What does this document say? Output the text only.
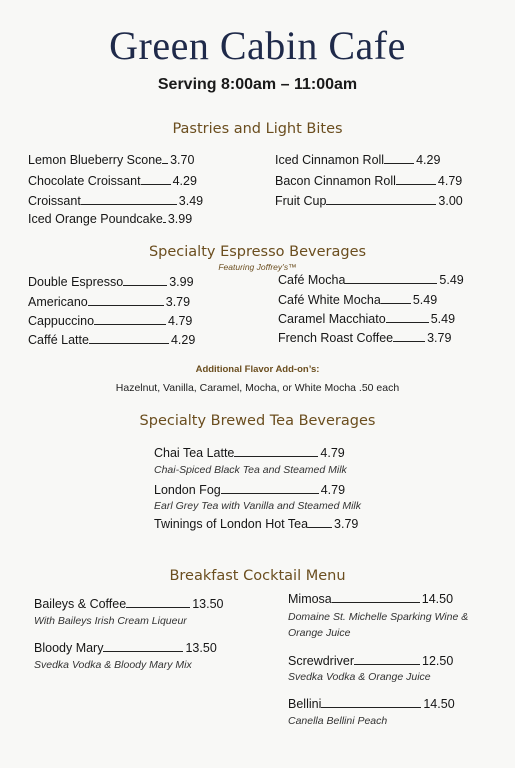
Green Cabin Cafe
Serving 8:00am – 11:00am
Pastries and Light Bites
Lemon Blueberry Scone 3.70
Chocolate Croissant	4.29
Croissant	3.49
Iced Orange Poundcake 3.99
Iced Cinnamon Roll	4.29
Bacon Cinnamon Roll	4.79
Fruit Cup	3.00
Specialty Espresso Beverages
Featuring Joffrey’s™
Double Espresso	3.99
Americano	3.79
Cappuccino	4.79
Caffé Latte	4.29
Café Mocha	5.49
Café White Mocha	5.49
Caramel Macchiato	5.49
French Roast Coffee	3.79
Additional Flavor Add-on’s:
Hazelnut, Vanilla, Caramel, Mocha, or White Mocha .50 each
Specialty Brewed Tea Beverages
Chai Tea Latte	4.79
Chai-Spiced Black Tea and Steamed Milk
London Fog	4.79
Earl Grey Tea with Vanilla and Steamed Milk
Twinings of London Hot Tea 3.79
Breakfast Cocktail Menu
Baileys & Coffee	13.50
With Baileys Irish Cream Liqueur
Bloody Mary	13.50
Svedka Vodka & Bloody Mary Mix
Mimosa	14.50
Domaine St. Michelle Sparking Wine &
Orange Juice
Screwdriver	12.50
Svedka Vodka & Orange Juice
Bellini	14.50
Canella Bellini Peach
